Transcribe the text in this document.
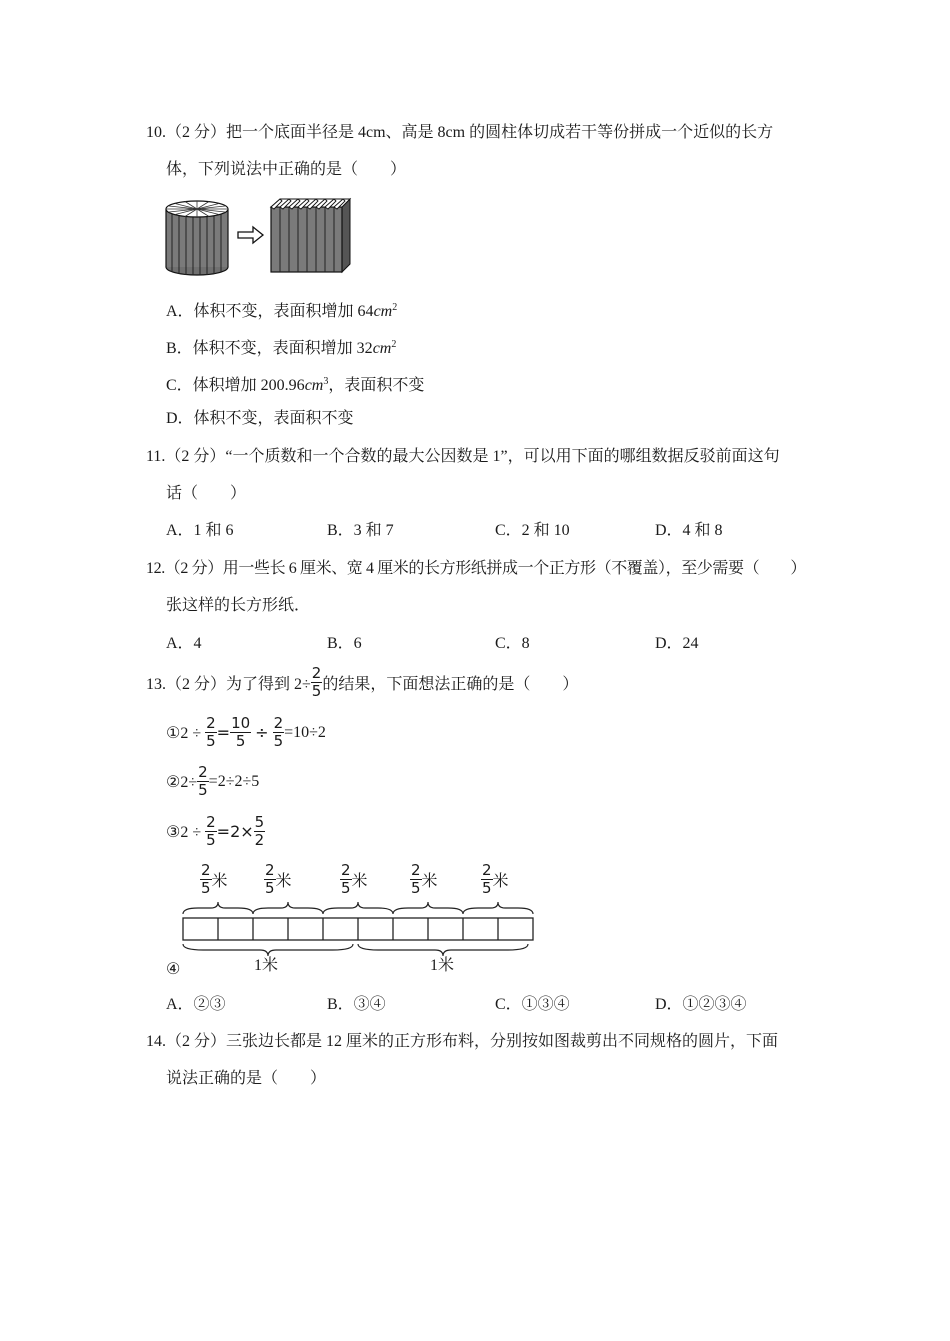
10.（2 分）把一个底面半径是 4cm、高是 8cm 的圆柱体切成若干等份拼成一个近似的长方
体，下列说法中正确的是（　　）
A．体积不变，表面积增加 $64cm^2$
B．体积不变，表面积增加 $32cm^2$
C．体积增加 $200.96cm^3$，表面积不变
D．体积不变，表面积不变
11.（2 分）“一个质数和一个合数的最大公因数是 1”，可以用下面的哪组数据反驳前面这句
话（　　）
A．1 和 6	B．3 和 7	C．2 和 10	D．4 和 8
12.（2 分）用一些长 6 厘米、宽 4 厘米的长方形纸拼成一个正方形（不覆盖），至少需要（　　）
张这样的长方形纸．
A．4	B．6	C．8	D．24
13.（2 分）为了得到 $2\div \frac{2}{5}$ 的结果，下面想法正确的是（　　）
①2 ÷ $\frac{2}{5} = \frac{10}{5} \div \frac{2}{5} =10\div 2$
②2÷ $\frac{2}{5} =2\div 2\div 5$
③2 ÷ $\frac{2}{5} =2\times \frac{5}{2}$
$\frac{2}{5}$ 米 $\frac{2}{5}$ 米	$\frac{2}{5}$ 米	$\frac{2}{5}$ 米	$\frac{2}{5}$ 米
④	1米	1米
A．②③	B．③④	C．①③④	D．①②③④
14.（2 分）三张边长都是 12 厘米的正方形布料，分别按如图裁剪出不同规格的圆片，下面
说法正确的是（　　）
